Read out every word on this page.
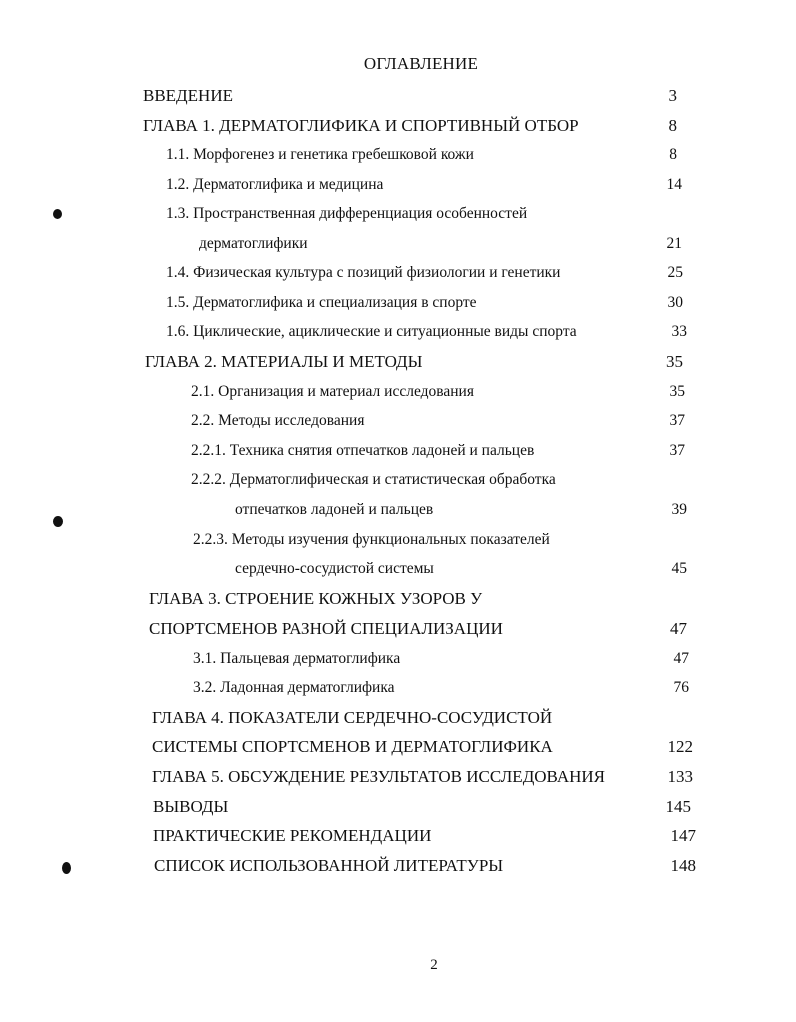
ОГЛАВЛЕНИЕ
ВВЕДЕНИЕ	3
ГЛАВА 1. ДЕРМАТОГЛИФИКА И СПОРТИВНЫЙ ОТБОР	8
1.1. Морфогенез и генетика гребешковой кожи	8
1.2. Дерматоглифика и медицина	14
1.3. Пространственная дифференциация особенностей
дерматоглифики	21
1.4. Физическая культура с позиций физиологии и генетики	25
1.5. Дерматоглифика и специализация в спорте	30
1.6. Циклические, ациклические и ситуационные виды спорта	33
ГЛАВА 2. МАТЕРИАЛЫ И МЕТОДЫ	35
2.1. Организация и материал исследования	35
2.2. Методы исследования	37
2.2.1. Техника снятия отпечатков ладоней и пальцев	37
2.2.2. Дерматоглифическая и статистическая обработка
отпечатков ладоней и пальцев	39
2.2.3. Методы изучения функциональных показателей
сердечно-сосудистой системы	45
ГЛАВА 3. СТРОЕНИЕ КОЖНЫХ УЗОРОВ У
СПОРТСМЕНОВ РАЗНОЙ СПЕЦИАЛИЗАЦИИ	47
3.1. Пальцевая дерматоглифика	47
3.2. Ладонная дерматоглифика	76
ГЛАВА 4. ПОКАЗАТЕЛИ СЕРДЕЧНО-СОСУДИСТОЙ
СИСТЕМЫ СПОРТСМЕНОВ И ДЕРМАТОГЛИФИКА	122
ГЛАВА 5. ОБСУЖДЕНИЕ РЕЗУЛЬТАТОВ ИССЛЕДОВАНИЯ	133
ВЫВОДЫ	145
ПРАКТИЧЕСКИЕ РЕКОМЕНДАЦИИ	147
СПИСОК ИСПОЛЬЗОВАННОЙ ЛИТЕРАТУРЫ	148
2
